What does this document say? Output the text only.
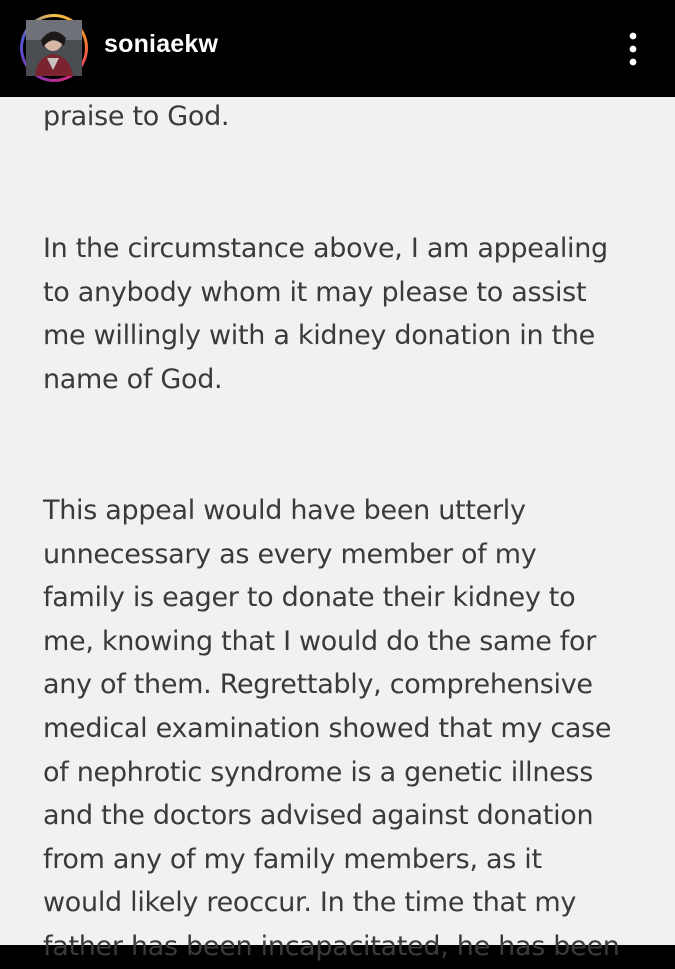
soniaekw

praise to God.

In the circumstance above, I am appealing
to anybody whom it may please to assist
me willingly with a kidney donation in the
name of God.

This appeal would have been utterly
unnecessary as every member of my
family is eager to donate their kidney to
me, knowing that I would do the same for
any of them. Regrettably, comprehensive
medical examination showed that my case
of nephrotic syndrome is a genetic illness
and the doctors advised against donation
from any of my family members, as it
would likely reoccur. In the time that my
father has been incapacitated, he has been
